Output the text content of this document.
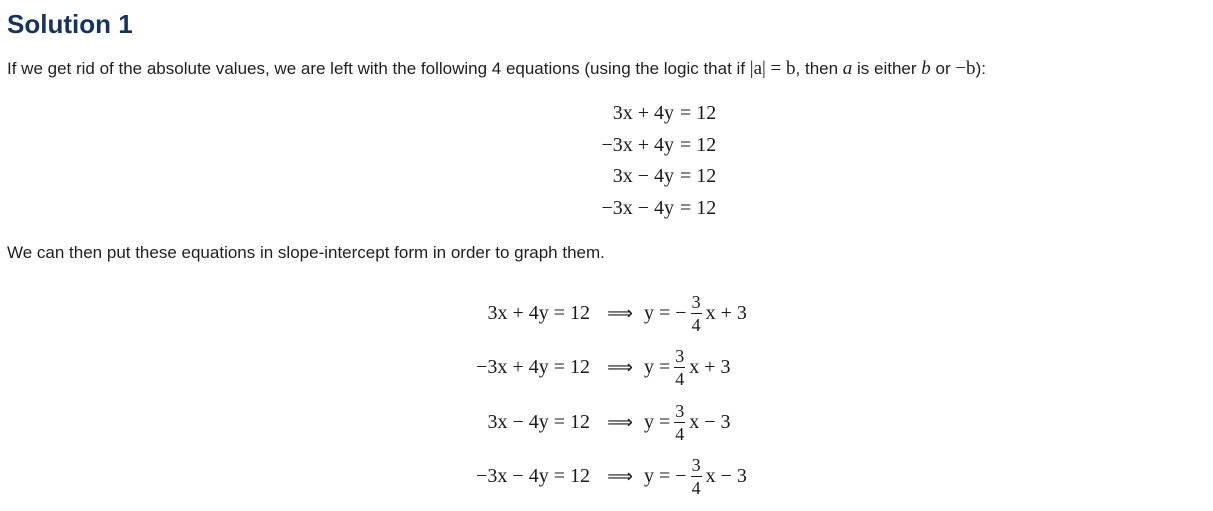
Solution 1

If we get rid of the absolute values, we are left with the following 4 equations (using the logic that if |a| = b, then a is either b or −b):

3x + 4y = 12
−3x + 4y = 12
3x − 4y = 12
−3x − 4y = 12

We can then put these equations in slope-intercept form in order to graph them.

3x + 4y = 12 ⟹ y = − $\frac{3}{4}$ x + 3
−3x + 4y = 12 ⟹ $y = \frac{3}{4}$ x + 3
3x − 4y = 12 ⟹ $y = \frac{3}{4}$ x − 3
−3x − 4y = 12 ⟹ y = − $\frac{3}{4}$ x − 3
